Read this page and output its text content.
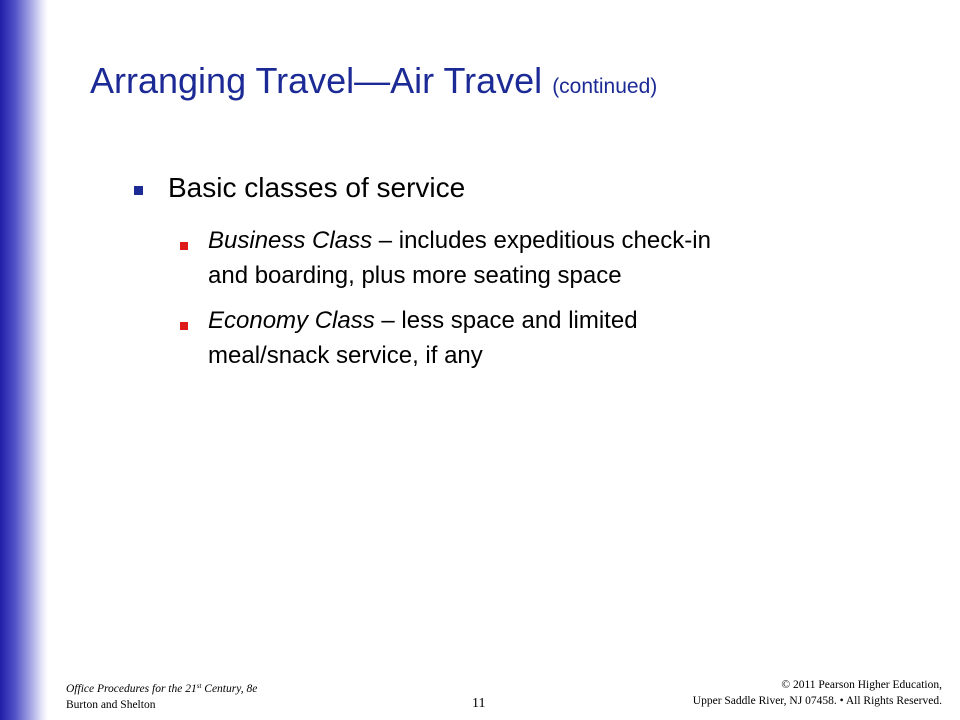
Arranging Travel—Air Travel (continued)
Basic classes of service
Business Class – includes expeditious check-in
and boarding, plus more seating space
Economy Class – less space and limited
meal/snack service, if any
Office Procedures for the 21st Century, 8e
Burton and Shelton	11
© 2011 Pearson Higher Education,
Upper Saddle River, NJ 07458. • All Rights Reserved.
